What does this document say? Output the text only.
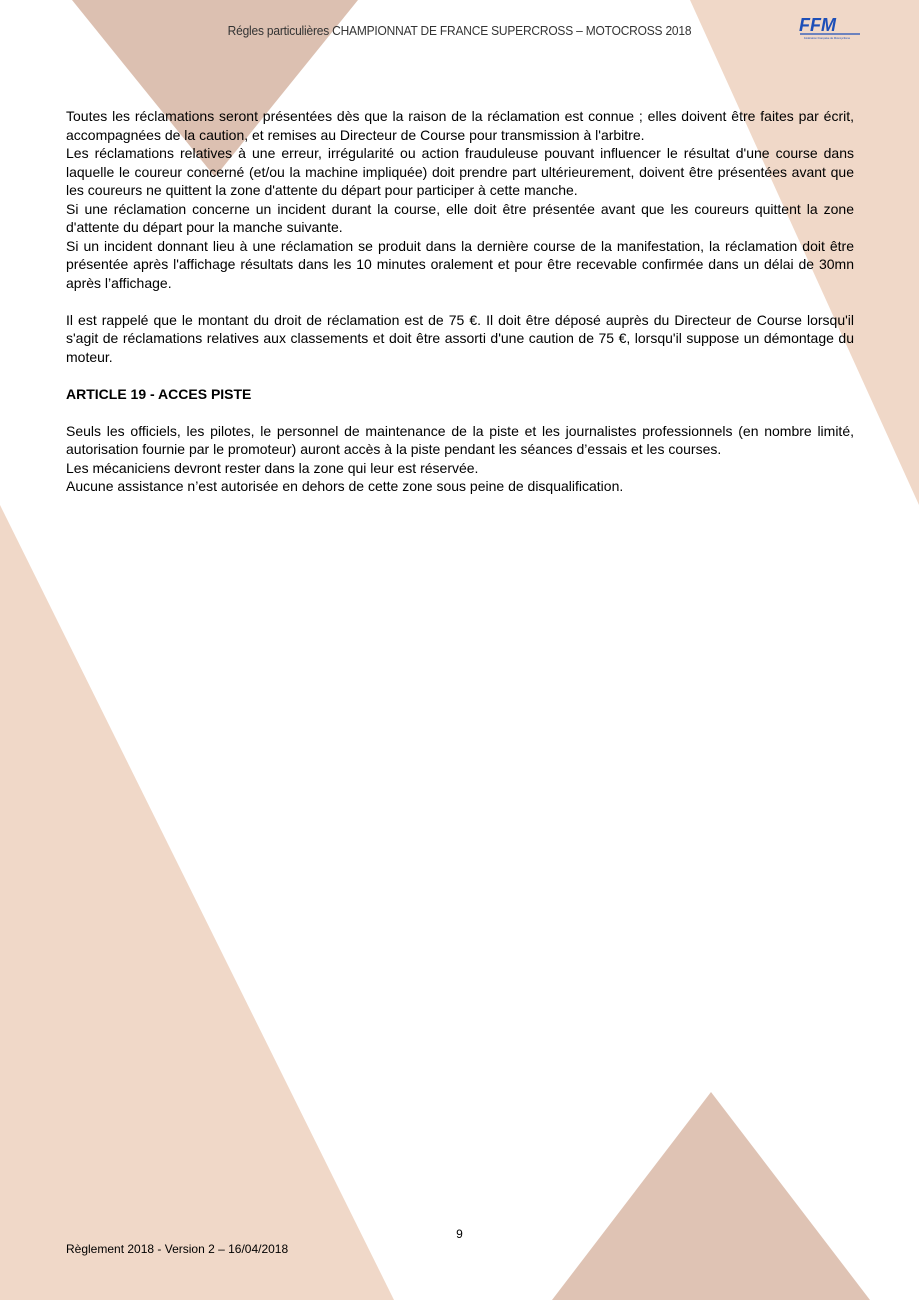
Régles particulières CHAMPIONNAT DE FRANCE SUPERCROSS – MOTOCROSS 2018	FFM
Fédération Française de Motocyclisme

Toutes les réclamations seront présentées dès que la raison de la réclamation est connue ; elles doivent être faites par écrit, accompagnées de la caution, et remises au Directeur de Course pour transmission à l'arbitre.

Les réclamations relatives à une erreur, irrégularité ou action frauduleuse pouvant influencer le résultat d'une course dans laquelle le coureur concerné (et/ou la machine impliquée) doit prendre part ultérieurement, doivent être présentées avant que les coureurs ne quittent la zone d'attente du départ pour participer à cette manche.

Si une réclamation concerne un incident durant la course, elle doit être présentée avant que les coureurs quittent la zone d'attente du départ pour la manche suivante.

Si un incident donnant lieu à une réclamation se produit dans la dernière course de la manifestation, la réclamation doit être présentée après l'affichage résultats dans les 10 minutes oralement et pour être recevable confirmée dans un délai de 30mn après l’affichage.

Il est rappelé que le montant du droit de réclamation est de 75 €. Il doit être déposé auprès du Directeur de Course lorsqu'il s'agit de réclamations relatives aux classements et doit être assorti d'une caution de 75 €, lorsqu'il suppose un démontage du moteur.

ARTICLE 19 - ACCES PISTE

Seuls les officiels, les pilotes, le personnel de maintenance de la piste et les journalistes professionnels (en nombre limité, autorisation fournie par le promoteur) auront accès à la piste pendant les séances d’essais et les courses.

Les mécaniciens devront rester dans la zone qui leur est réservée.

Aucune assistance n’est autorisée en dehors de cette zone sous peine de disqualification.

9
Règlement 2018 - Version 2 – 16/04/2018
